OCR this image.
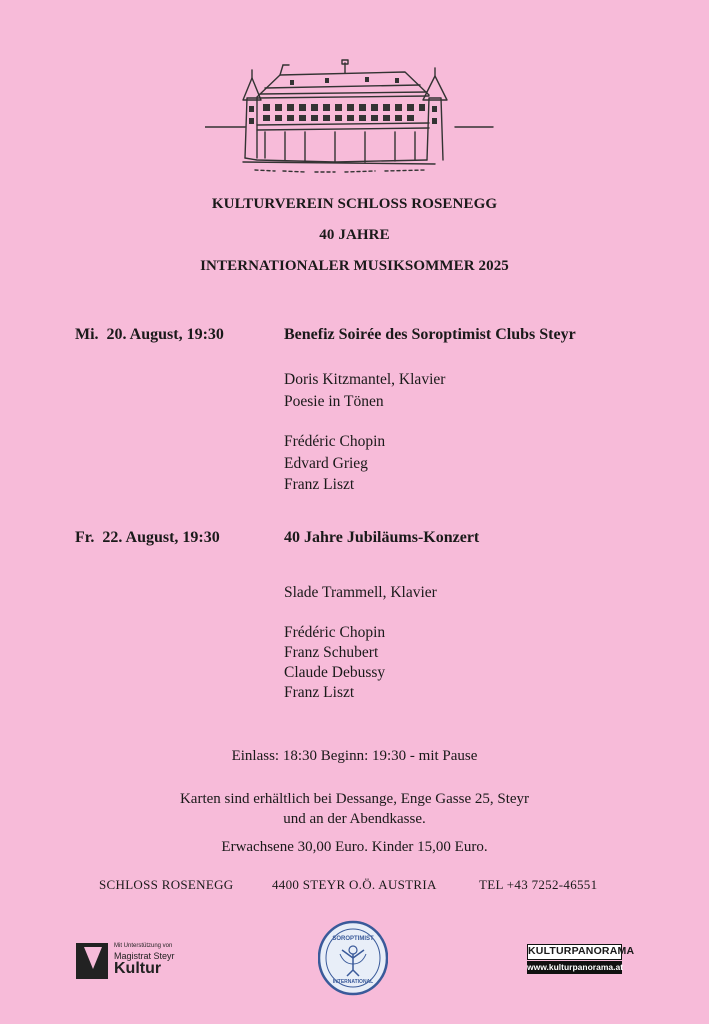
KULTURVEREIN SCHLOSS ROSENEGG
40 JAHRE
INTERNATIONALER MUSIKSOMMER 2025
Mi.  20. August, 19:30	Benefiz Soirée des Soroptimist Clubs Steyr
Doris Kitzmantel, Klavier
Poesie in Tönen
Frédéric Chopin
Edvard Grieg
Franz Liszt
Fr.  22. August, 19:30	40 Jahre Jubiläums-Konzert
Slade Trammell, Klavier
Frédéric Chopin
Franz Schubert
Claude Debussy
Franz Liszt
Einlass: 18:30 Beginn: 19:30 - mit Pause
Karten sind erhältlich bei Dessange, Enge Gasse 25, Steyr
und an der Abendkasse.
Erwachsene 30,00 Euro. Kinder 15,00 Euro.
SCHLOSS ROSENEGG	4400 STEYR O.Ö. AUSTRIA	TEL +43 7252-46551
Mit Unterstützung von
Magistrat Steyr
Kultur
SOROPTIMIST
INTERNATIONAL
KULTURPANORAMA
www.kulturpanorama.at
